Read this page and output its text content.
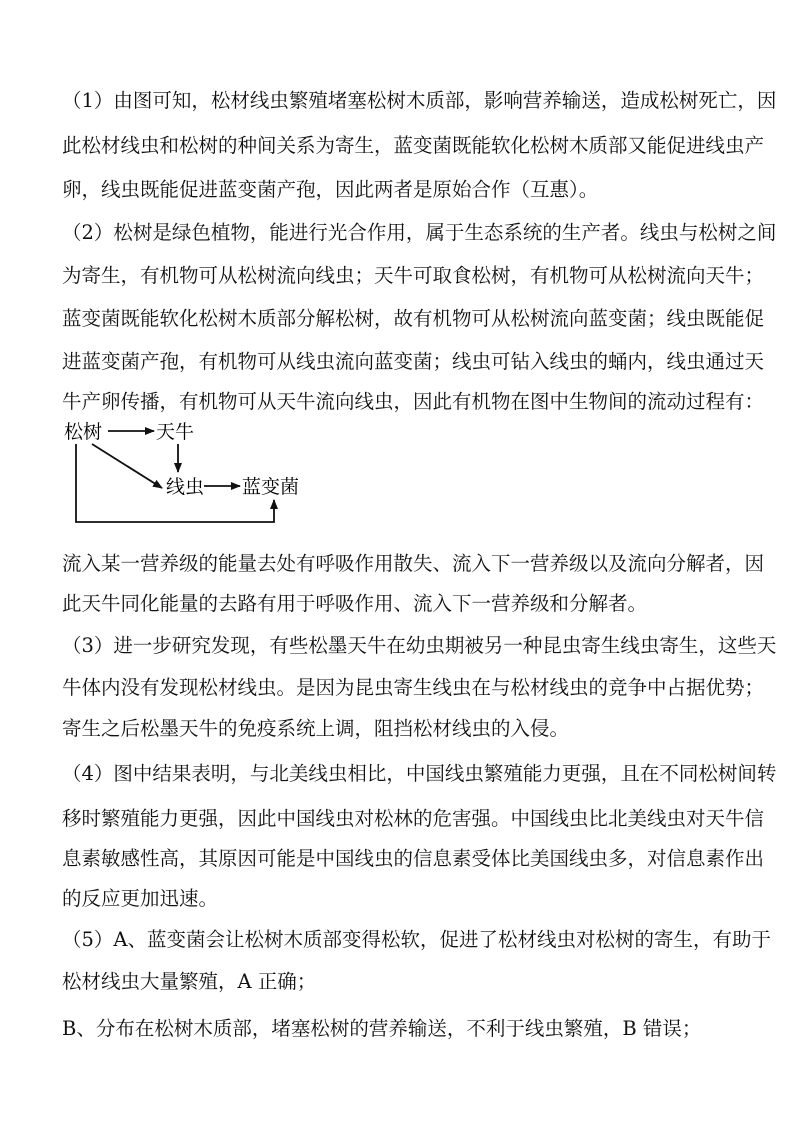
（1）由图可知，松材线虫繁殖堵塞松树木质部，影响营养输送，造成松树死亡，因
此松材线虫和松树的种间关系为寄生，蓝变菌既能软化松树木质部又能促进线虫产
卵，线虫既能促进蓝变菌产孢，因此两者是原始合作（互惠）。
（2）松树是绿色植物，能进行光合作用，属于生态系统的生产者。线虫与松树之间
为寄生，有机物可从松树流向线虫；天牛可取食松树，有机物可从松树流向天牛；
蓝变菌既能软化松树木质部分解松树，故有机物可从松树流向蓝变菌；线虫既能促
进蓝变菌产孢，有机物可从线虫流向蓝变菌；线虫可钻入线虫的蛹内，线虫通过天
牛产卵传播，有机物可从天牛流向线虫，因此有机物在图中生物间的流动过程有：
松树	天牛
线虫 蓝变菌
流入某一营养级的能量去处有呼吸作用散失、流入下一营养级以及流向分解者，因
此天牛同化能量的去路有用于呼吸作用、流入下一营养级和分解者。
（3）进一步研究发现，有些松墨天牛在幼虫期被另一种昆虫寄生线虫寄生，这些天
牛体内没有发现松材线虫。是因为昆虫寄生线虫在与松材线虫的竞争中占据优势；
寄生之后松墨天牛的免疫系统上调，阻挡松材线虫的入侵。
（4）图中结果表明，与北美线虫相比，中国线虫繁殖能力更强，且在不同松树间转
移时繁殖能力更强，因此中国线虫对松林的危害强。中国线虫比北美线虫对天牛信
息素敏感性高，其原因可能是中国线虫的信息素受体比美国线虫多，对信息素作出
的反应更加迅速。
（5）A、蓝变菌会让松树木质部变得松软，促进了松材线虫对松树的寄生，有助于
松材线虫大量繁殖，A 正确；
B、分布在松树木质部，堵塞松树的营养输送，不利于线虫繁殖，B 错误；
